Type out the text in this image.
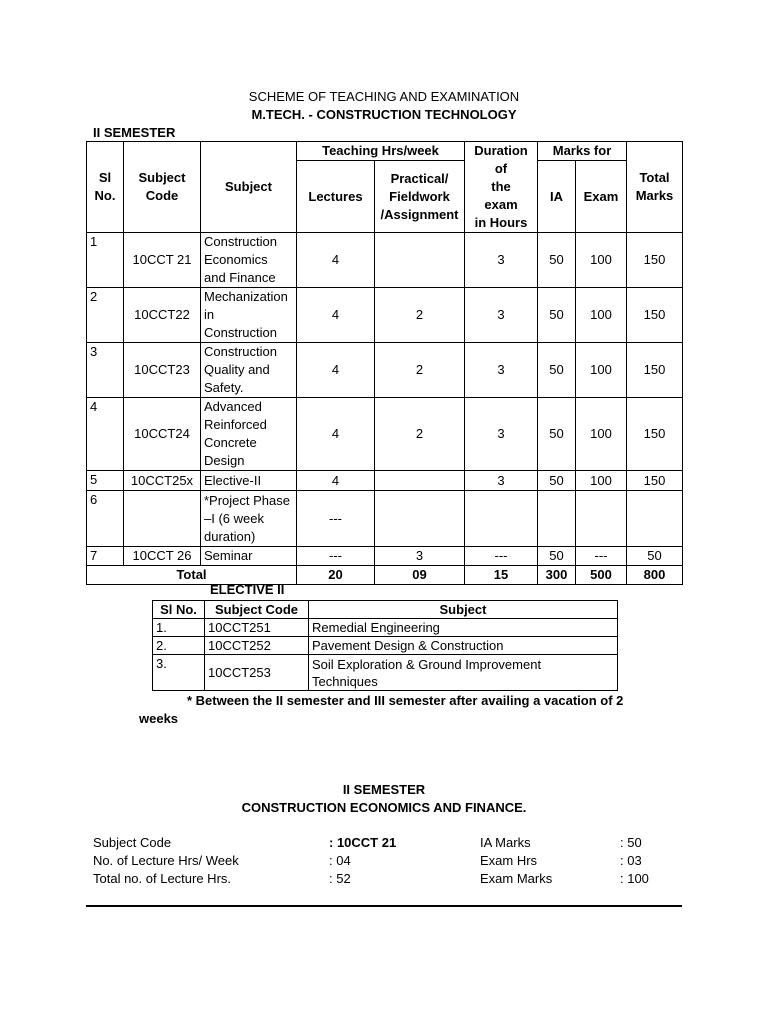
SCHEME OF TEACHING AND EXAMINATION
M.TECH. - CONSTRUCTION TECHNOLOGY
II SEMESTER
Sl
No.	Subject
Code	Subject	Teaching Hrs/week		Duration
of
the
exam
in Hours	Marks for		Total
Marks
			Lectures	Practical/
Fieldwork
/Assignment		IA	Exam	
1	10CCT 21	Construction
Economics
and Finance	4		3	50	100	150
2	10CCT22	Mechanization
in
Construction	4	2	3	50	100	150
3	10CCT23	Construction
Quality and
Safety.	4	2	3	50	100	150
4	10CCT24	Advanced
Reinforced
Concrete
Design	4	2	3	50	100	150
5	10CCT25x	Elective-II	4		3	50	100	150
6		*Project Phase
–I (6 week
duration)	---					
7	10CCT 26	Seminar	---	3	---	50	---	50
Total			20	09	15	300	500	800
ELECTIVE II
Sl No.	Subject Code	Subject
1.	10CCT251	Remedial Engineering
2.	10CCT252	Pavement Design & Construction
3.	10CCT253	Soil Exploration & Ground Improvement
Techniques
* Between the II semester and III semester after availing a vacation of 2
weeks
II SEMESTER
CONSTRUCTION ECONOMICS AND FINANCE.
Subject Code	: 10CCT 21	IA Marks	: 50
No. of Lecture Hrs/ Week	: 04	Exam Hrs	: 03
Total no. of Lecture Hrs.	: 52	Exam Marks	: 100
